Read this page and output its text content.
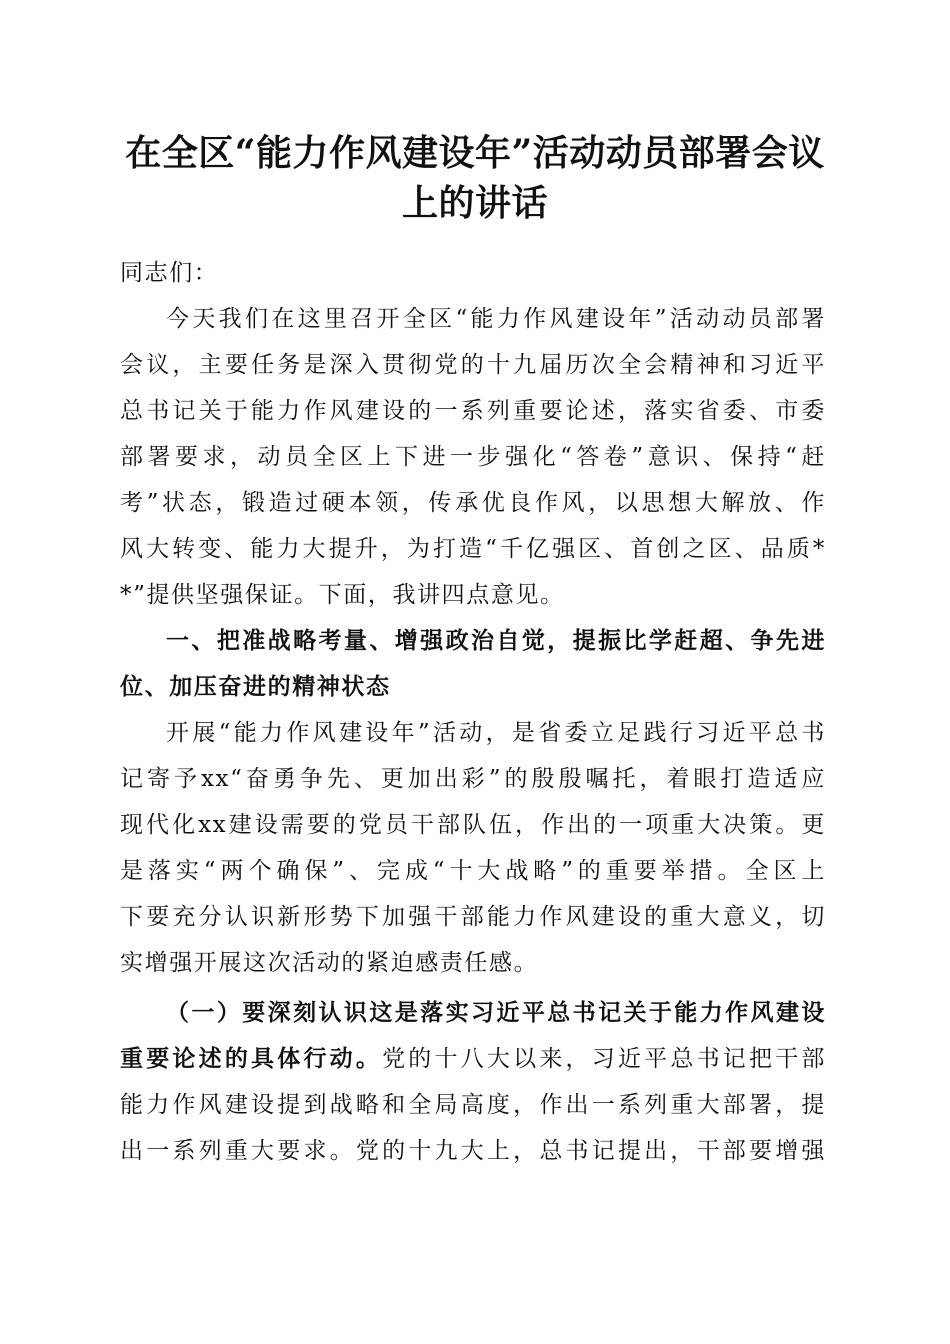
在全区“能力作风建设年”活动动员部署会议
上的讲话
同志们：
今天我们在这里召开全区“能力作风建设年”活动动员部署
会议，主要任务是深入贯彻党的十九届历次全会精神和习近平
总书记关于能力作风建设的一系列重要论述，落实省委、市委
部署要求，动员全区上下进一步强化“答卷”意识、保持“赶
考”状态，锻造过硬本领，传承优良作风，以思想大解放、作
风大转变、能力大提升，为打造“千亿强区、首创之区、品质*
*”提供坚强保证。下面，我讲四点意见。
一、把准战略考量、增强政治自觉，提振比学赶超、争先进
位、加压奋进的精神状态
开展“能力作风建设年”活动，是省委立足践行习近平总书
记寄予xx“奋勇争先、更加出彩”的殷殷嘱托，着眼打造适应
现代化xx建设需要的党员干部队伍，作出的一项重大决策。更
是落实“两个确保”、完成“十大战略”的重要举措。全区上
下要充分认识新形势下加强干部能力作风建设的重大意义，切
实增强开展这次活动的紧迫感责任感。
（一）要深刻认识这是落实习近平总书记关于能力作风建设
重要论述的具体行动。党的十八大以来，习近平总书记把干部
能力作风建设提到战略和全局高度，作出一系列重大部署，提
出一系列重大要求。党的十九大上，总书记提出，干部要增强
